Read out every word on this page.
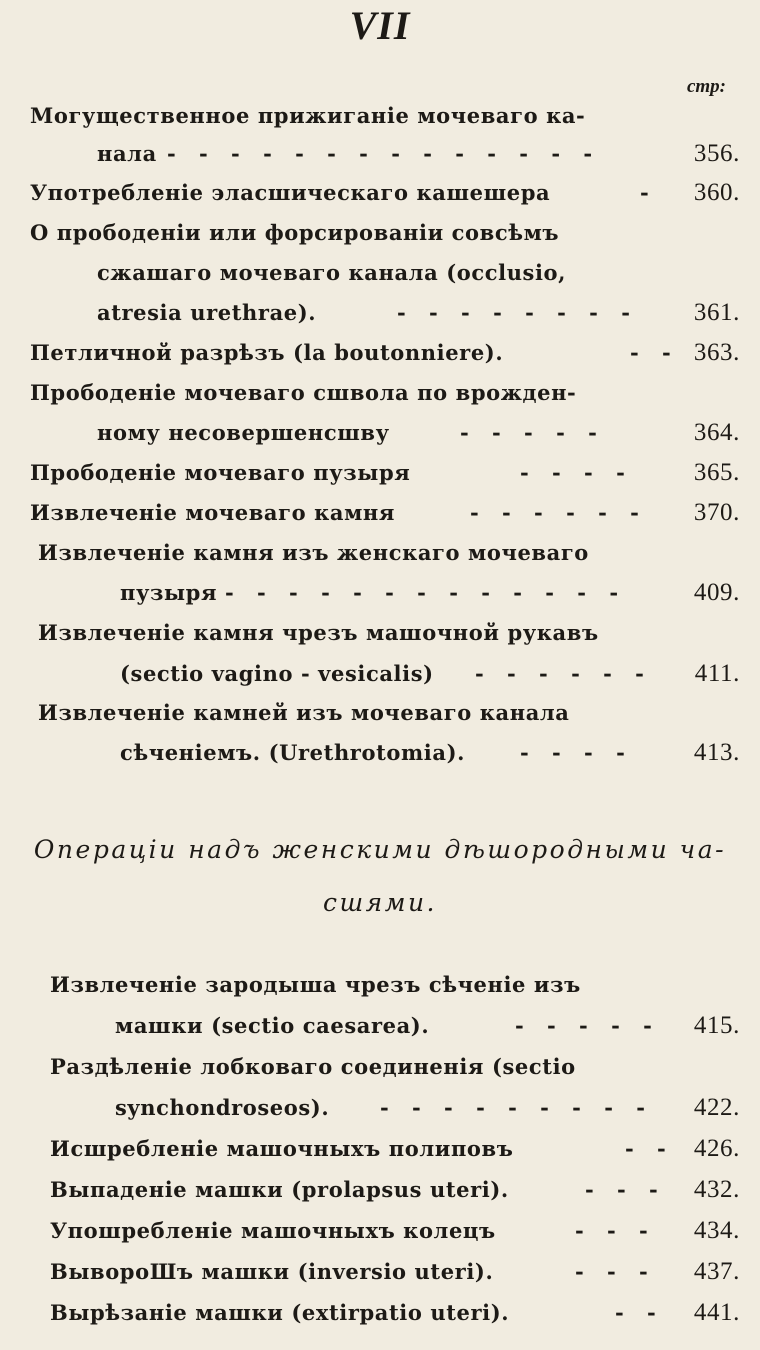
VII
стр:
Могущественное прижиганіе мочеваго ка-
нала - - - - - - - - - - - - - -	356.
Употребленіе эласшическаго кашешера	- 360.
О прободеніи или форсированіи совсѣмъ
сжашаго мочеваго канала (occlusio,
atresia urethrae).	- - - - - - - - 361.
Петличной разрѣзъ (la boutonniere).	- - 363.
Прободеніе мочеваго сшвола по врожден-
ному несовершенсшву	- - - - -	364.
Прободеніе мочеваго пузыря	- - - - 365.
Извлеченіе мочеваго камня	- - - - - - 370.
Извлеченіе камня изъ женскаго мочеваго
пузыря - - - - - - - - - - - - -	409.
Извлеченіе камня чрезъ машочной рукавъ
(sectio vagino - vesicalis) - - - - - - 411.
Извлеченіе камней изъ мочеваго канала
сѣченіемъ. (Urethrotomia).	- - - - 413.
Операціи надъ женскими дѣшородными ча-
сшями.
Извлеченіе зародыша чрезъ сѣченіе изъ
машки (sectio caesarea).	- - - - - 415.
Раздѣленіе лобковаго соединенія (sectio
synchondroseos). - - - - - - - - - 422.
Исшребленіе машочныхъ полиповъ	- - 426.
Выпаденіе машки (prolapsus uteri).	- - - 432.
Упошребленіе машочныхъ колецъ	- - - 434.
ВывороШъ машки (inversio uteri).	- - - 437.
Вырѣзаніе машки (extirpatio uteri).	- - 441.
